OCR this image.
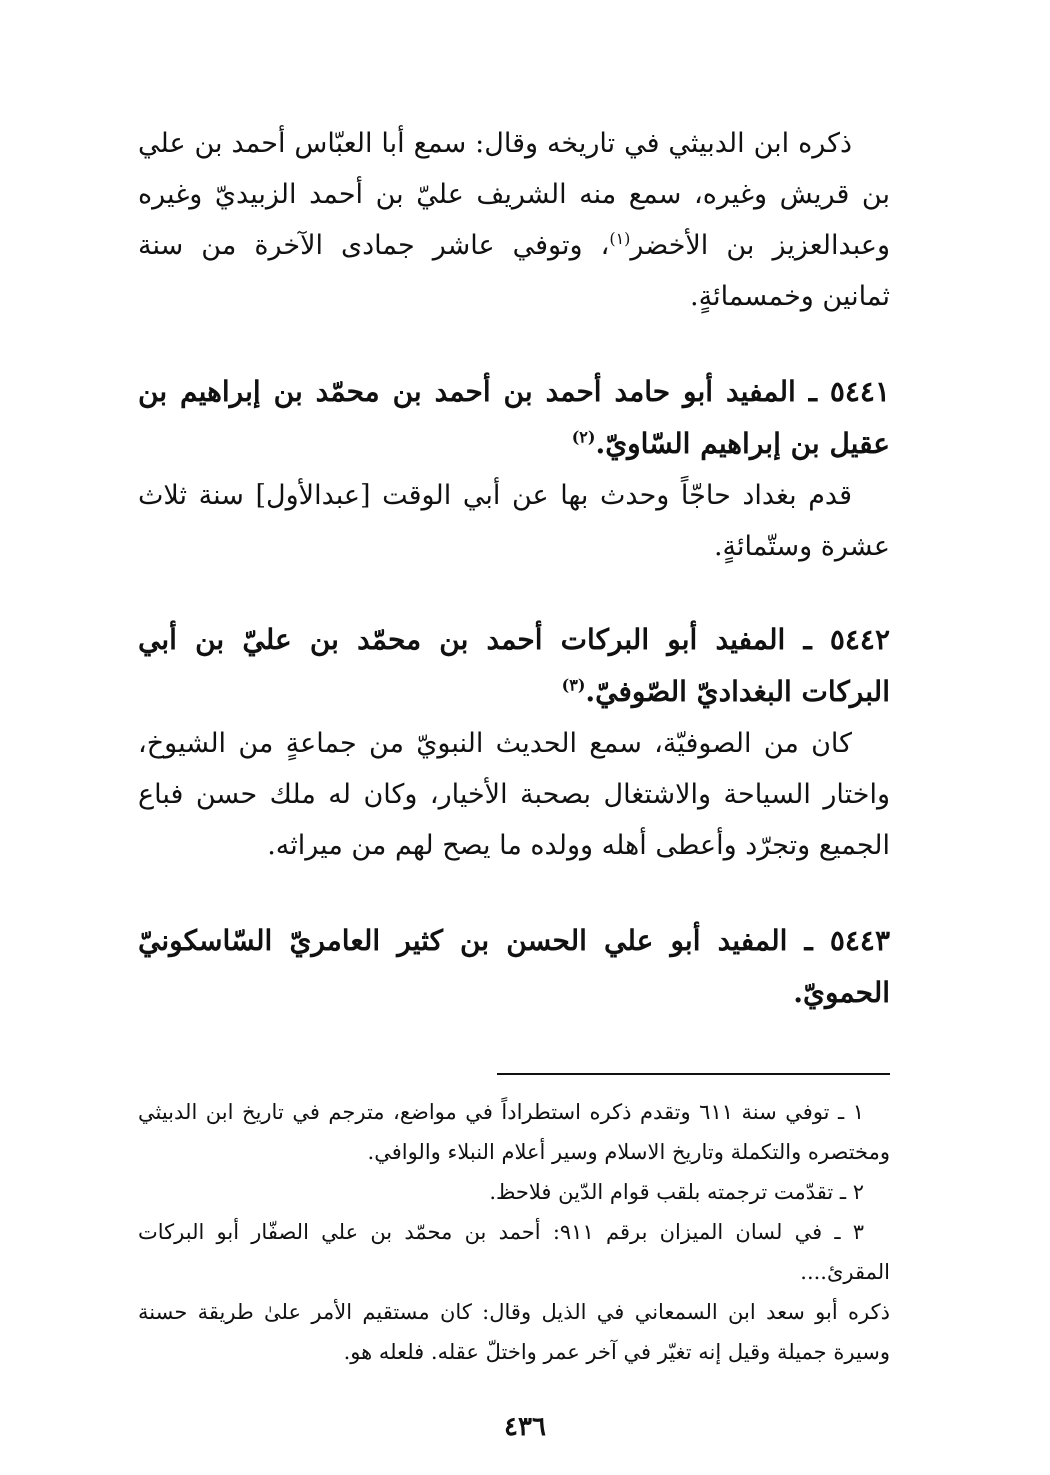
ذكره ابن الدبيثي في تاريخه وقال: سمع أبا العبّاس أحمد بن علي بن قريش وغيره، سمع منه الشريف عليّ بن أحمد الزبيديّ وغيره وعبدالعزيز بن الأخضر$^{(١)}$، وتوفي عاشر جمادى الآخرة من سنة ثمانين وخمسمائةٍ.

٥٤٤١ ـ المفيد أبو حامد أحمد بن أحمد بن محمّد بن إبراهيم بن عقيل بن إبراهيم السّاويّ.$^{(٢)}$

قدم بغداد حاجّاً وحدث بها عن أبي الوقت [عبدالأول] سنة ثلاث عشرة وستّمائةٍ.

٥٤٤٢ ـ المفيد أبو البركات أحمد بن محمّد بن عليّ بن أبي البركات البغداديّ الصّوفيّ.$^{(٣)}$

كان من الصوفيّة، سمع الحديث النبويّ من جماعةٍ من الشيوخ، واختار السياحة والاشتغال بصحبة الأخيار، وكان له ملك حسن فباع الجميع وتجرّد وأعطى أهله وولده ما يصح لهم من ميراثه.

٥٤٤٣ ـ المفيد أبو علي الحسن بن كثير العامريّ السّاسكونيّ الحمويّ.

١ ـ توفي سنة ٦١١ وتقدم ذكره استطراداً في مواضع، مترجم في تاريخ ابن الدبيثي ومختصره والتكملة وتاريخ الاسلام وسير أعلام النبلاء والوافي.

٢ ـ تقدّمت ترجمته بلقب قوام الدّين فلاحظ.

٣ ـ في لسان الميزان برقم ٩١١: أحمد بن محمّد بن علي الصفّار أبو البركات المقرئ....

ذكره أبو سعد ابن السمعاني في الذيل وقال: كان مستقيم الأمر علىٰ طريقة حسنة وسيرة جميلة وقيل إنه تغيّر في آخر عمر واختلّ عقله. فلعله هو.

٤٣٦
